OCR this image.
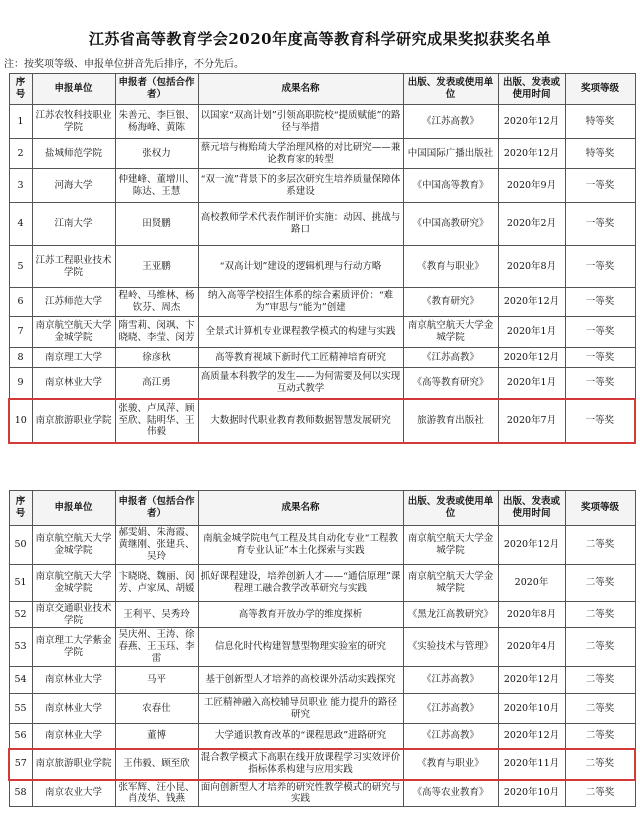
江苏省高等教育学会2020年度高等教育科学研究成果奖拟获奖名单
注：按奖项等级、申报单位拼音先后排序，不分先后。
序号	申报单位	申报者（包括合作者）	成果名称	出版、发表或使用单位	出版、发表或使用时间	奖项等级
1	江苏农牧科技职业学院	朱善元、李巨银、杨海峰、黄陈	以国家“双高计划”引领高职院校“提质赋能”的路径与举措	《江苏高教》	2020年12月	特等奖
2	盐城师范学院	张权力	蔡元培与梅贻琦大学治理风格的对比研究——兼论教育家的转型	中国国际广播出版社	2020年12月	特等奖
3	河海大学	仲建峰、董增川、陈达、王慧	“双一流”背景下的多层次研究生培养质量保障体系建设	《中国高等教育》	2020年9月	一等奖
4	江南大学	田贤鹏	高校教师学术代表作制评价实施：动因、挑战与路口	《中国高教研究》	2020年2月	一等奖
5	江苏工程职业技术学院	王亚鹏	“双高计划”建设的逻辑机理与行动方略	《教育与职业》	2020年8月	一等奖
6	江苏师范大学	程岭、马维林、杨钦芬、周杰	纳入高等学校招生体系的综合素质评价：“难为”审思与“能为”创建	《教育研究》	2020年12月	一等奖
7	南京航空航天大学金城学院	隋雪莉、闵飒、卞晓晓、李莹、闵芳	全景式计算机专业课程教学模式的构建与实践	南京航空航天大学金城学院	2020年1月	一等奖
8	南京理工大学	徐彦秋	高等教育视域下新时代工匠精神培育研究	《江苏高教》	2020年12月	一等奖
9	南京林业大学	高江勇	高质量本科教学的发生——为何需要及何以实现互动式教学	《高等教育研究》	2020年1月	一等奖
10	南京旅游职业学院	张骏、卢凤萍、顾至欣、陆明华、王伟毅	大数据时代职业教育教师数据智慧发展研究	旅游教育出版社	2020年7月	一等奖
序号	申报单位	申报者（包括合作者）	成果名称	出版、发表或使用单位	出版、发表或使用时间	奖项等级
50	南京航空航天大学金城学院	郝雯娟、朱海霞、黄继刚、张建兵、吴玲	南航金城学院电气工程及其自动化专业“工程教育专业认证”本土化探索与实践	南京航空航天大学金城学院	2020年12月	二等奖
51	南京航空航天大学金城学院	卞晓晓、魏丽、闵芳、卢家凤、胡媛	抓好课程建设，培养创新人才——“通信原理”课程理工融合教学改革研究与实践	南京航空航天大学金城学院	2020年	二等奖
52	南京交通职业技术学院	王利平、吴秀玲	高等教育开放办学的维度探析	《黑龙江高教研究》	2020年8月	二等奖
53	南京理工大学紫金学院	吴庆州、王涛、徐春燕、王玉珏、李雷	信息化时代构建智慧型物理实验室的研究	《实验技术与管理》	2020年4月	二等奖
54	南京林业大学	马平	基于创新型人才培养的高校课外活动实践探究	《江苏高教》	2020年12月	二等奖
55	南京林业大学	农春仕	工匠精神融入高校辅导员职业 能力提升的路径研究	《江苏高教》	2020年10月	二等奖
56	南京林业大学	董博	大学通识教育改革的“课程思政”进路研究	《江苏高教》	2020年12月	二等奖
57	南京旅游职业学院	王伟毅、顾至欣	混合教学模式下高职在线开放课程学习实效评价指标体系构建与应用实践	《教育与职业》	2020年11月	二等奖
58	南京农业大学	张军辉、汪小昆、肖茂华、钱燕	面向创新型人才培养的研究性教学模式的研究与实践	《高等农业教育》	2020年10月	二等奖
